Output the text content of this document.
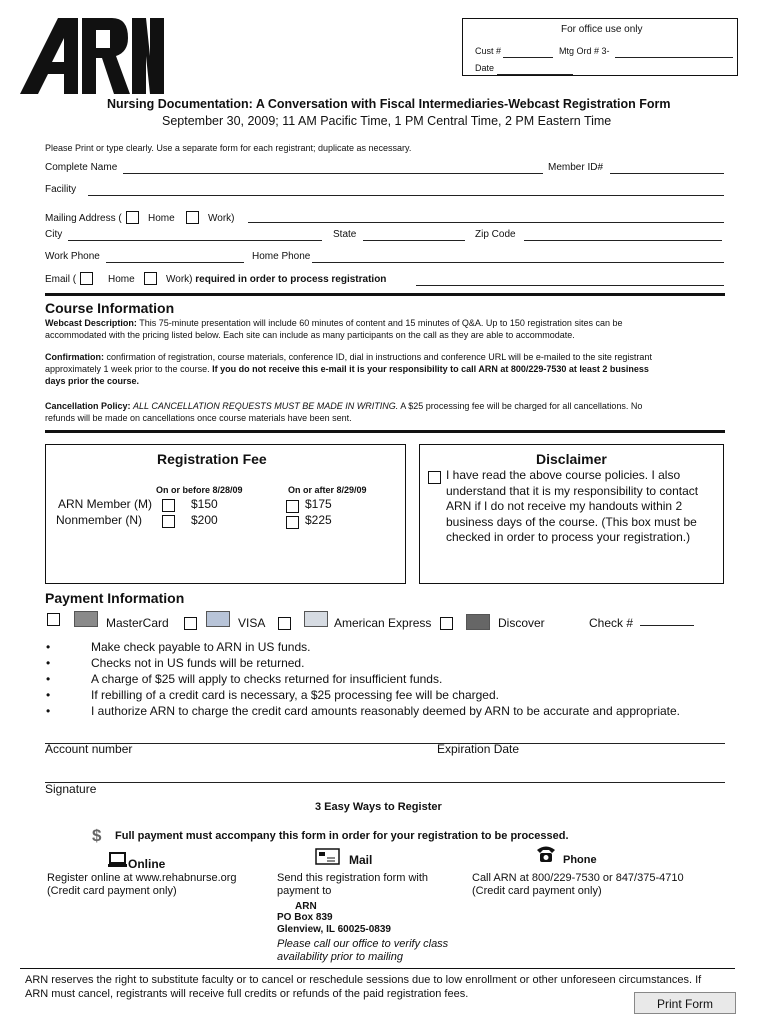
For office use only
Cust #	Mtg Ord # 3-
Date
Nursing Documentation: A Conversation with Fiscal Intermediaries-Webcast Registration Form
September 30, 2009; 11 AM Pacific Time, 1 PM Central Time, 2 PM Eastern Time
Please Print or type clearly. Use a separate form for each registrant; duplicate as necessary.
Complete Name	Member ID#
Facility
Mailing Address (	Home	Work)
City	State	Zip Code
Work Phone	Home Phone
Email (	Home	Work) required in order to process registration
Course Information
Webcast Description: This 75-minute presentation will include 60 minutes of content and 15 minutes of Q&A. Up to 150 registration sites can be
accommodated with the pricing listed below. Each site can include as many participants on the call as they are able to accommodate.
Confirmation: confirmation of registration, course materials, conference ID, dial in instructions and conference URL will be e-mailed to the site registrant
approximately 1 week prior to the course. If you do not receive this e-mail it is your responsibility to call ARN at 800/229-7530 at least 2 business
days prior the course.
Cancellation Policy: ALL CANCELLATION REQUESTS MUST BE MADE IN WRITING. A $25 processing fee will be charged for all cancellations. No
refunds will be made on cancellations once course materials have been sent.
Registration Fee
On or before 8/28/09	On or after 8/29/09
ARN Member (M)	$150	$175
Nonmember (N)	$200	$225
Disclaimer
I have read the above course policies. I also
understand that it is my responsibility to contact
ARN if I do not receive my handouts within 2
business days of the course. (This box must be
checked in order to process your registration.)
Payment Information
MasterCard	VISA	American Express	Discover	Check #
•	Make check payable to ARN in US funds.
•	Checks not in US funds will be returned.
•	A charge of $25 will apply to checks returned for insufficient funds.
•	If rebilling of a credit card is necessary, a $25 processing fee will be charged.
•	I authorize ARN to charge the credit card amounts reasonably deemed by ARN to be accurate and appropriate.
Account number	Expiration Date
Signature
3 Easy Ways to Register
$ Full payment must accompany this form in order for your registration to be processed.
Online
Register online at www.rehabnurse.org
(Credit card payment only)
Mail
Send this registration form with
payment to
ARN
PO Box 839
Glenview, IL 60025-0839
Please call our office to verify class
availability prior to mailing
Phone
Call ARN at 800/229-7530 or 847/375-4710
(Credit card payment only)
ARN reserves the right to substitute faculty or to cancel or reschedule sessions due to low enrollment or other unforeseen circumstances. If
ARN must cancel, registrants will receive full credits or refunds of the paid registration fees.
Print Form
